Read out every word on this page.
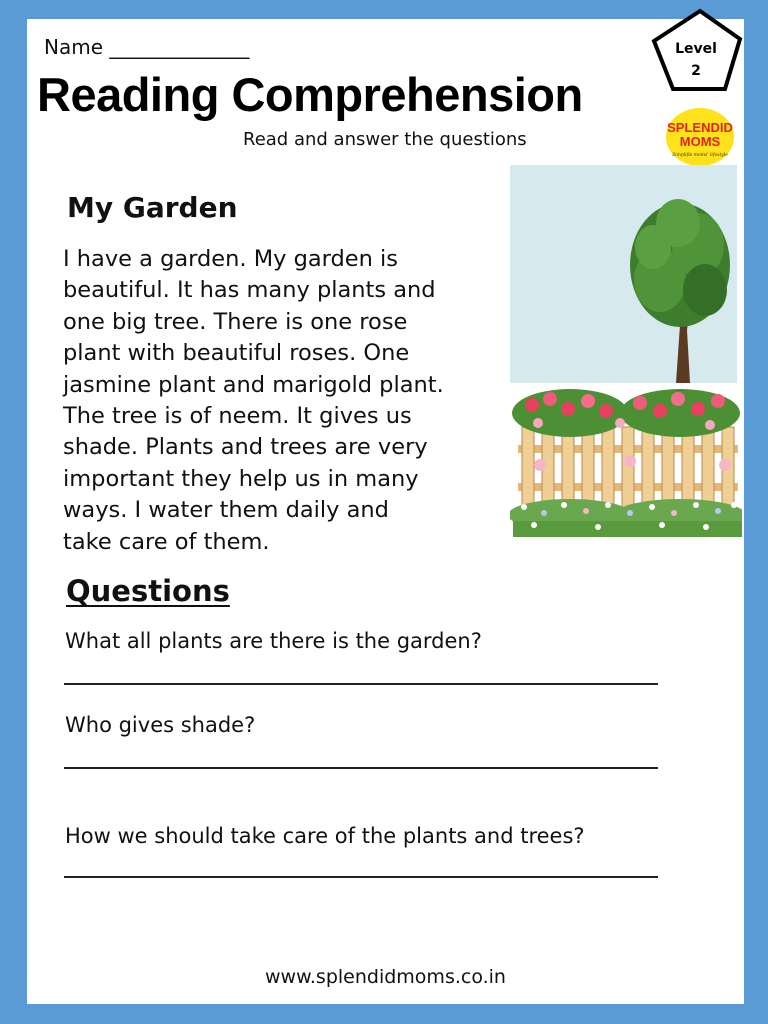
Name ______________
Reading Comprehension
Read and answer the questions
Level
2
SPLENDID
MOMS
Simplifie moms' lifestyle
My Garden
I have a garden. My garden is
beautiful. It has many plants and
one big tree. There is one rose
plant with beautiful roses. One
jasmine plant and marigold plant.
The tree is of neem. It gives us
shade. Plants and trees are very
important they help us in many
ways. I water them daily and
take care of them.
Questions
What all plants are there is the garden?
Who gives shade?
How we should take care of the plants and trees?
www.splendidmoms.co.in
